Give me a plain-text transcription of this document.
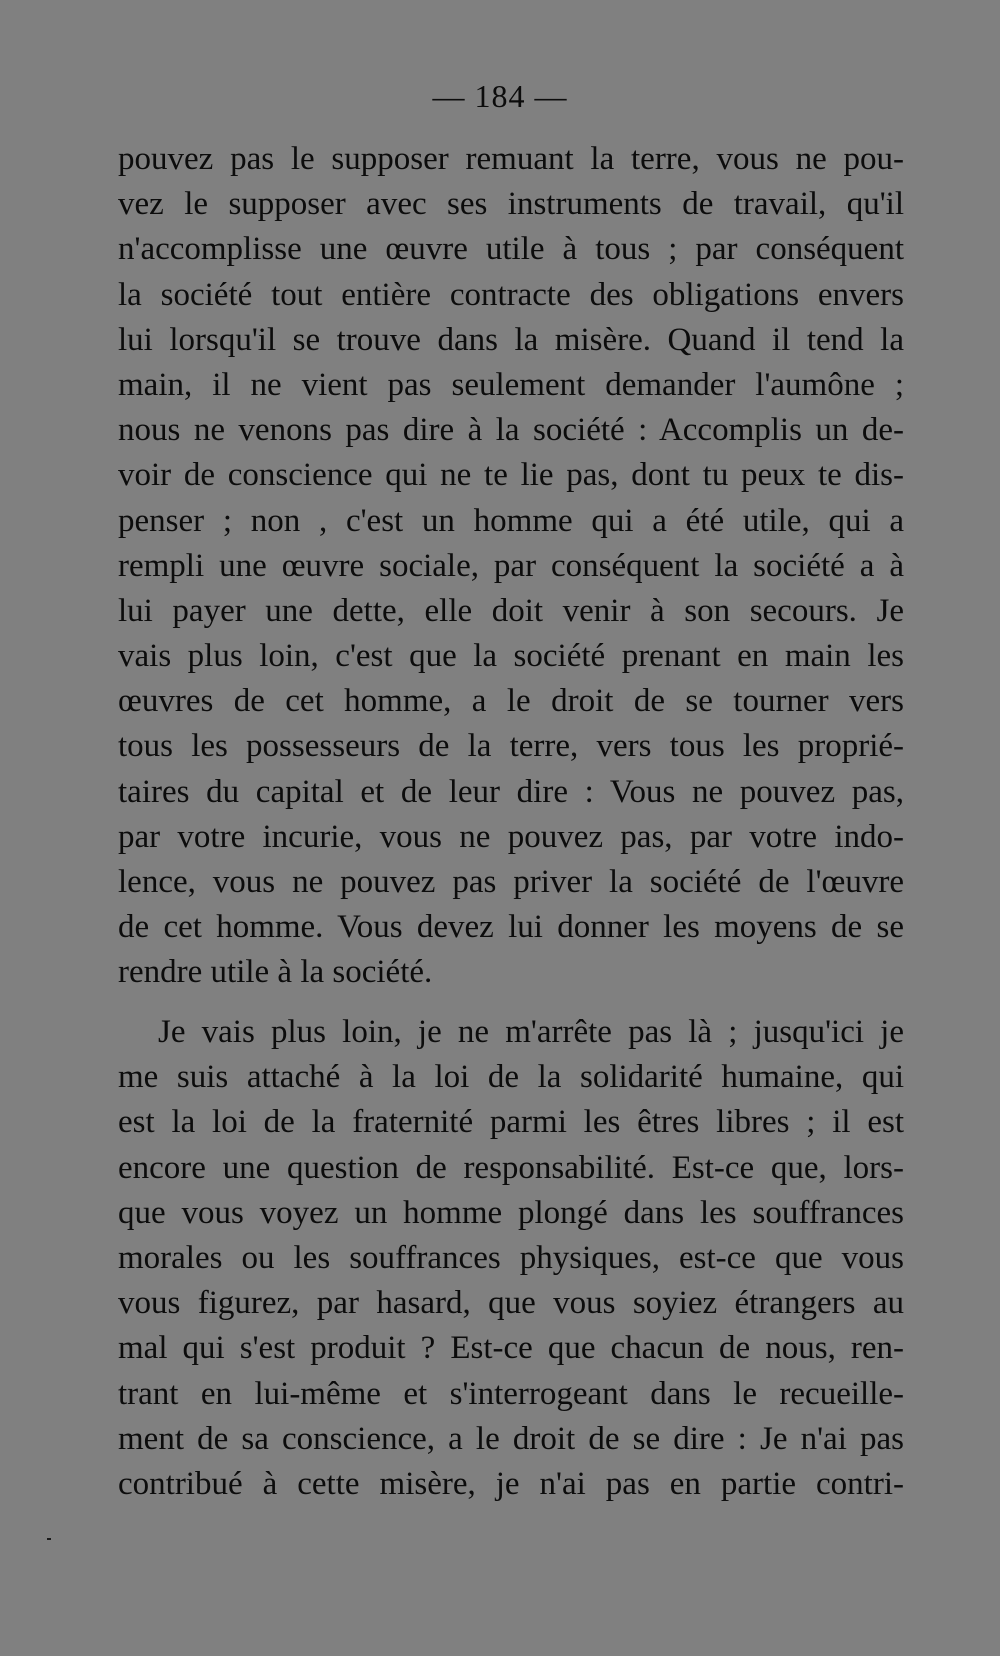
— 184 —
pouvez pas le supposer remuant la terre, vous ne pou-
vez le supposer avec ses instruments de travail, qu'il
n'accomplisse une œuvre utile à tous ; par conséquent
la société tout entière contracte des obligations envers
lui lorsqu'il se trouve dans la misère. Quand il tend la
main, il ne vient pas seulement demander l'aumône ;
nous ne venons pas dire à la société : Accomplis un de-
voir de conscience qui ne te lie pas, dont tu peux te dis-
penser ; non , c'est un homme qui a été utile, qui a
rempli une œuvre sociale, par conséquent la société a à
lui payer une dette, elle doit venir à son secours. Je
vais plus loin, c'est que la société prenant en main les
œuvres de cet homme, a le droit de se tourner vers
tous les possesseurs de la terre, vers tous les proprié-
taires du capital et de leur dire : Vous ne pouvez pas,
par votre incurie, vous ne pouvez pas, par votre indo-
lence, vous ne pouvez pas priver la société de l'œuvre
de cet homme. Vous devez lui donner les moyens de se
rendre utile à la société.
Je vais plus loin, je ne m'arrête pas là ; jusqu'ici je
me suis attaché à la loi de la solidarité humaine, qui
est la loi de la fraternité parmi les êtres libres ; il est
encore une question de responsabilité. Est-ce que, lors-
que vous voyez un homme plongé dans les souffrances
morales ou les souffrances physiques, est-ce que vous
vous figurez, par hasard, que vous soyiez étrangers au
mal qui s'est produit ? Est-ce que chacun de nous, ren-
trant en lui-même et s'interrogeant dans le recueille-
ment de sa conscience, a le droit de se dire : Je n'ai pas
contribué à cette misère, je n'ai pas en partie contri-
